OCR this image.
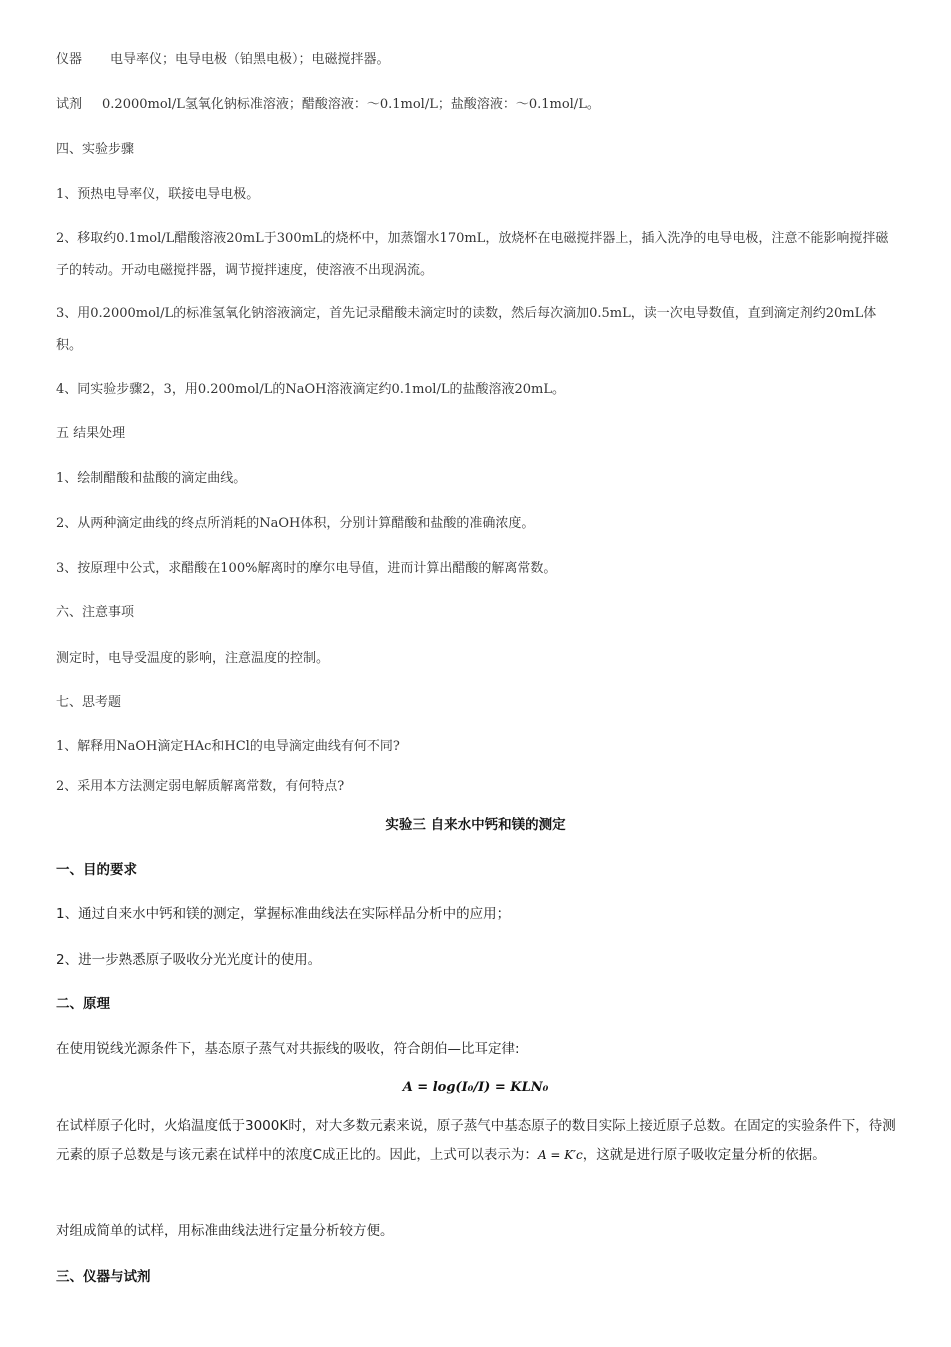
仪器 电导率仪；电导电极（铂黑电极）；电磁搅拌器。
试剂 0.2000mol/L氢氧化钠标准溶液；醋酸溶液：～0.1mol/L；盐酸溶液：～0.1mol/L。
四、实验步骤
1、预热电导率仪，联接电导电极。
2、移取约0.1mol/L醋酸溶液20mL于300mL的烧杯中，加蒸馏水170mL，放烧杯在电磁搅拌器上，插入洗净的电导电极，注意不能影响搅拌磁子的转动。开动电磁搅拌器，调节搅拌速度，使溶液不出现涡流。
3、用0.2000mol/L的标准氢氧化钠溶液滴定，首先记录醋酸未滴定时的读数，然后每次滴加0.5mL，读一次电导数值，直到滴定剂约20mL体积。
4、同实验步骤2，3，用0.200mol/L的NaOH溶液滴定约0.1mol/L的盐酸溶液20mL。
五 结果处理
1、绘制醋酸和盐酸的滴定曲线。
2、从两种滴定曲线的终点所消耗的NaOH体积，分别计算醋酸和盐酸的准确浓度。
3、按原理中公式，求醋酸在100%解离时的摩尔电导值，进而计算出醋酸的解离常数。
六、注意事项
测定时，电导受温度的影响，注意温度的控制。
七、思考题
1、解释用NaOH滴定HAc和HCl的电导滴定曲线有何不同?
2、采用本方法测定弱电解质解离常数，有何特点?
实验三 自来水中钙和镁的测定
一、目的要求
1、通过自来水中钙和镁的测定，掌握标准曲线法在实际样品分析中的应用；
2、进一步熟悉原子吸收分光光度计的使用。
二、原理
在使用锐线光源条件下，基态原子蒸气对共振线的吸收，符合朗伯—比耳定律:
A = log(I₀/I) = KLN₀
在试样原子化时，火焰温度低于3000K时，对大多数元素来说，原子蒸气中基态原子的数目实际上接近原子总数。在固定的实验条件下，待测元素的原子总数是与该元素在试样中的浓度C成正比的。因此，上式可以表示为：A = K′c，这就是进行原子吸收定量分析的依据。
对组成简单的试样，用标准曲线法进行定量分析较方便。
三、仪器与试剂
